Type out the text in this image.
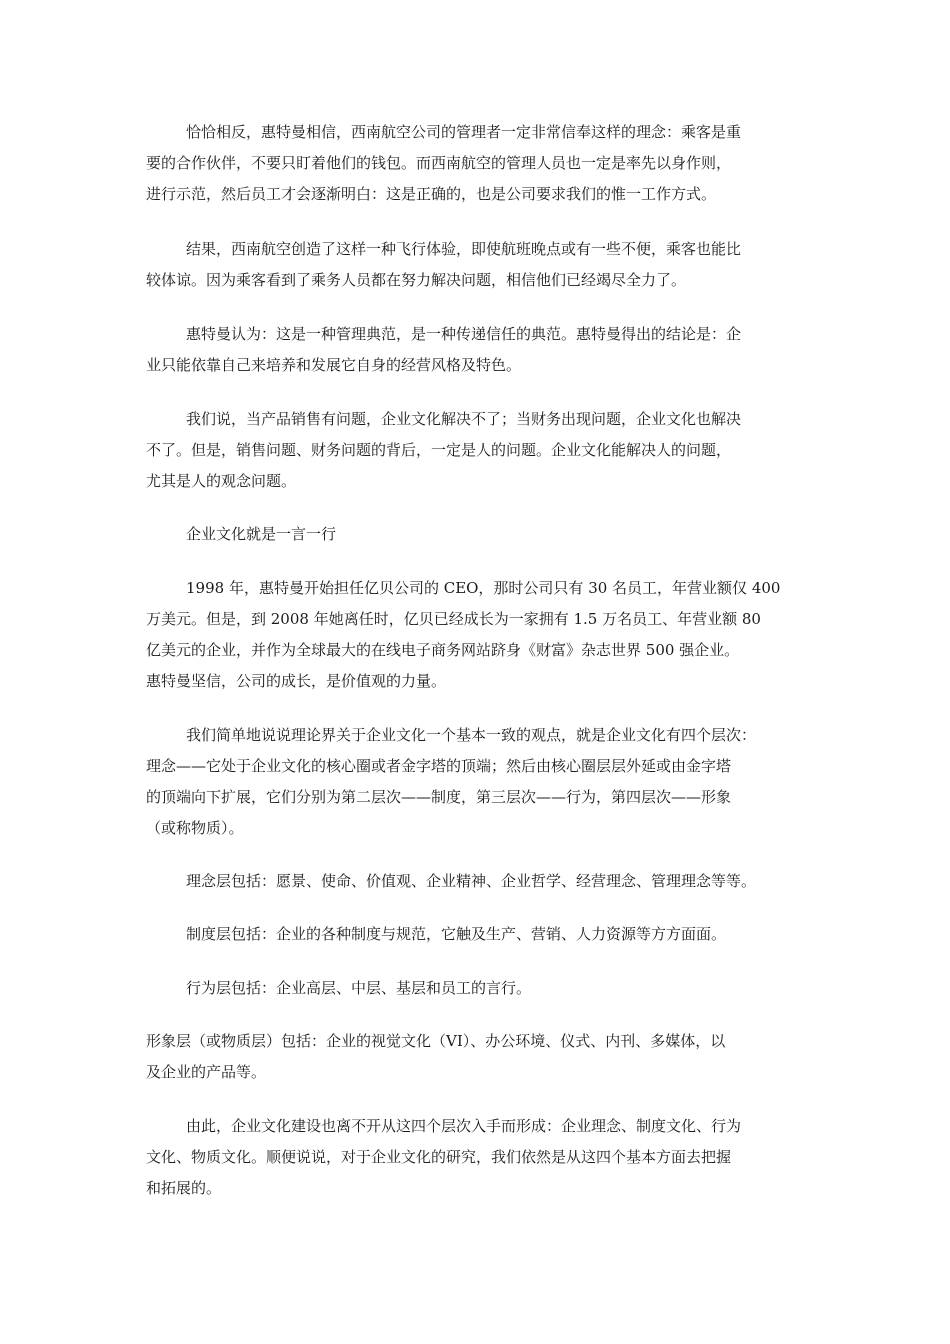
恰恰相反，惠特曼相信，西南航空公司的管理者一定非常信奉这样的理念：乘客是重
要的合作伙伴，不要只盯着他们的钱包。而西南航空的管理人员也一定是率先以身作则，
进行示范，然后员工才会逐渐明白：这是正确的，也是公司要求我们的惟一工作方式。
结果，西南航空创造了这样一种飞行体验，即使航班晚点或有一些不便，乘客也能比
较体谅。因为乘客看到了乘务人员都在努力解决问题，相信他们已经竭尽全力了。
惠特曼认为：这是一种管理典范，是一种传递信任的典范。惠特曼得出的结论是：企
业只能依靠自己来培养和发展它自身的经营风格及特色。
我们说，当产品销售有问题，企业文化解决不了；当财务出现问题，企业文化也解决
不了。但是，销售问题、财务问题的背后，一定是人的问题。企业文化能解决人的问题，
尤其是人的观念问题。
企业文化就是一言一行
1998 年，惠特曼开始担任亿贝公司的 CEO，那时公司只有 30 名员工，年营业额仅 400
万美元。但是，到 2008 年她离任时，亿贝已经成长为一家拥有 1.5 万名员工、年营业额 80
亿美元的企业，并作为全球最大的在线电子商务网站跻身《财富》杂志世界 500 强企业。
惠特曼坚信，公司的成长，是价值观的力量。
我们简单地说说理论界关于企业文化一个基本一致的观点，就是企业文化有四个层次：
理念——它处于企业文化的核心圈或者金字塔的顶端；然后由核心圈层层外延或由金字塔
的顶端向下扩展，它们分别为第二层次——制度，第三层次——行为，第四层次——形象
（或称物质）。
理念层包括：愿景、使命、价值观、企业精神、企业哲学、经营理念、管理理念等等。
制度层包括：企业的各种制度与规范，它触及生产、营销、人力资源等方方面面。
行为层包括：企业高层、中层、基层和员工的言行。
形象层（或物质层）包括：企业的视觉文化（VI）、办公环境、仪式、内刊、多媒体，以
及企业的产品等。
由此，企业文化建设也离不开从这四个层次入手而形成：企业理念、制度文化、行为
文化、物质文化。顺便说说，对于企业文化的研究，我们依然是从这四个基本方面去把握
和拓展的。
